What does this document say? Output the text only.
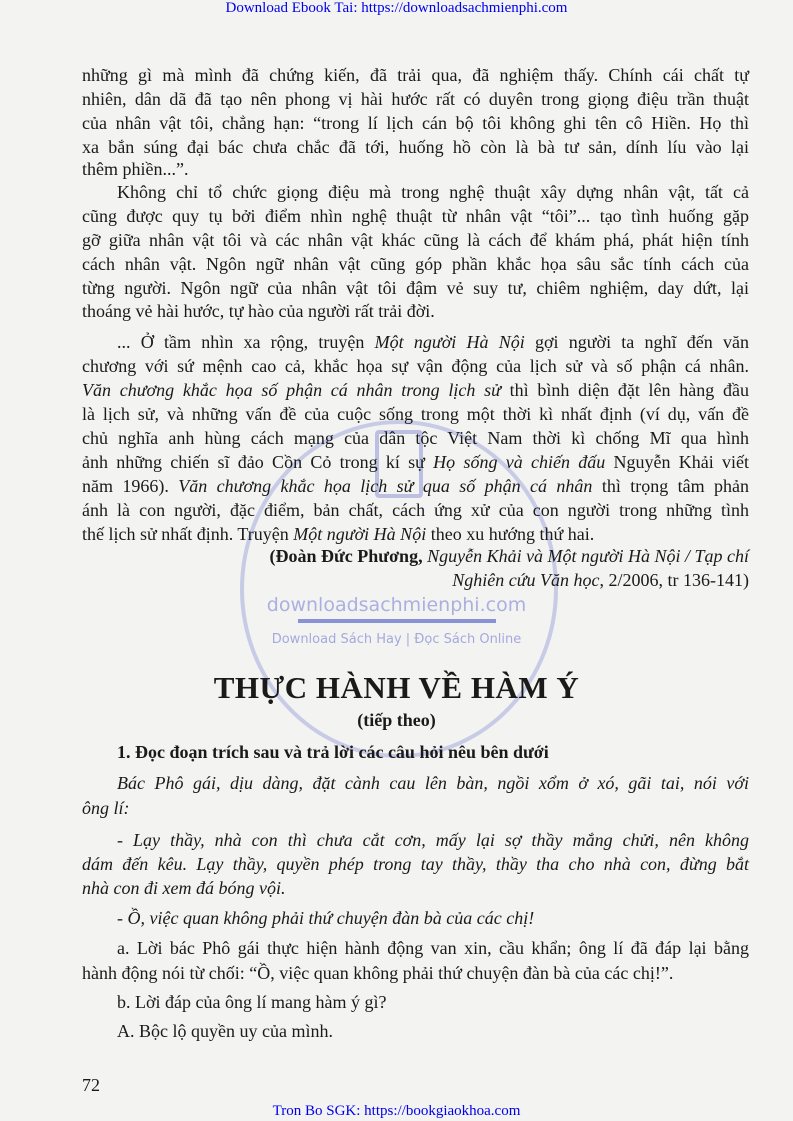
Download Ebook Tai: https://downloadsachmienphi.com
downloadsachmienphi.com
Download Sách Hay | Đọc Sách Online
những gì mà mình đã chứng kiến, đã trải qua, đã nghiệm thấy. Chính cái chất tự
nhiên, dân dã đã tạo nên phong vị hài hước rất có duyên trong giọng điệu trần thuật
của nhân vật tôi, chẳng hạn: “trong lí lịch cán bộ tôi không ghi tên cô Hiền. Họ thì
xa bắn súng đại bác chưa chắc đã tới, huống hồ còn là bà tư sản, dính líu vào lại
thêm phiền...”.
Không chỉ tổ chức giọng điệu mà trong nghệ thuật xây dựng nhân vật, tất cả
cũng được quy tụ bởi điểm nhìn nghệ thuật từ nhân vật “tôi”... tạo tình huống gặp
gỡ giữa nhân vật tôi và các nhân vật khác cũng là cách để khám phá, phát hiện tính
cách nhân vật. Ngôn ngữ nhân vật cũng góp phần khắc họa sâu sắc tính cách của
từng người. Ngôn ngữ của nhân vật tôi đậm vẻ suy tư, chiêm nghiệm, day dứt, lại
thoáng vẻ hài hước, tự hào của người rất trải đời.
... Ở tầm nhìn xa rộng, truyện Một người Hà Nội gợi người ta nghĩ đến văn
chương với sứ mệnh cao cả, khắc họa sự vận động của lịch sử và số phận cá nhân.
Văn chương khắc họa số phận cá nhân trong lịch sử thì bình diện đặt lên hàng đầu
là lịch sử, và những vấn đề của cuộc sống trong một thời kì nhất định (ví dụ, vấn đề
chủ nghĩa anh hùng cách mạng của dân tộc Việt Nam thời kì chống Mĩ qua hình
ảnh những chiến sĩ đảo Cồn Cỏ trong kí sự Họ sống và chiến đấu Nguyễn Khải viết
năm 1966). Văn chương khắc họa lịch sử qua số phận cá nhân thì trọng tâm phản
ánh là con người, đặc điểm, bản chất, cách ứng xử của con người trong những tình
thế lịch sử nhất định. Truyện Một người Hà Nội theo xu hướng thứ hai.
(Đoàn Đức Phương, Nguyễn Khải và Một người Hà Nội / Tạp chí
Nghiên cứu Văn học, 2/2006, tr 136-141)
THỰC HÀNH VỀ HÀM Ý
(tiếp theo)
1. Đọc đoạn trích sau và trả lời các câu hỏi nêu bên dưới
Bác Phô gái, dịu dàng, đặt cành cau lên bàn, ngồi xổm ở xó, gãi tai, nói với
ông lí:
- Lạy thầy, nhà con thì chưa cắt cơn, mấy lại sợ thầy mắng chửi, nên không
dám đến kêu. Lạy thầy, quyền phép trong tay thầy, thầy tha cho nhà con, đừng bắt
nhà con đi xem đá bóng vội.
- Ồ, việc quan không phải thứ chuyện đàn bà của các chị!
a. Lời bác Phô gái thực hiện hành động van xin, cầu khẩn; ông lí đã đáp lại bằng
hành động nói từ chối: “Ồ, việc quan không phải thứ chuyện đàn bà của các chị!”.
b. Lời đáp của ông lí mang hàm ý gì?
A. Bộc lộ quyền uy của mình.
72
Tron Bo SGK: https://bookgiaokhoa.com
